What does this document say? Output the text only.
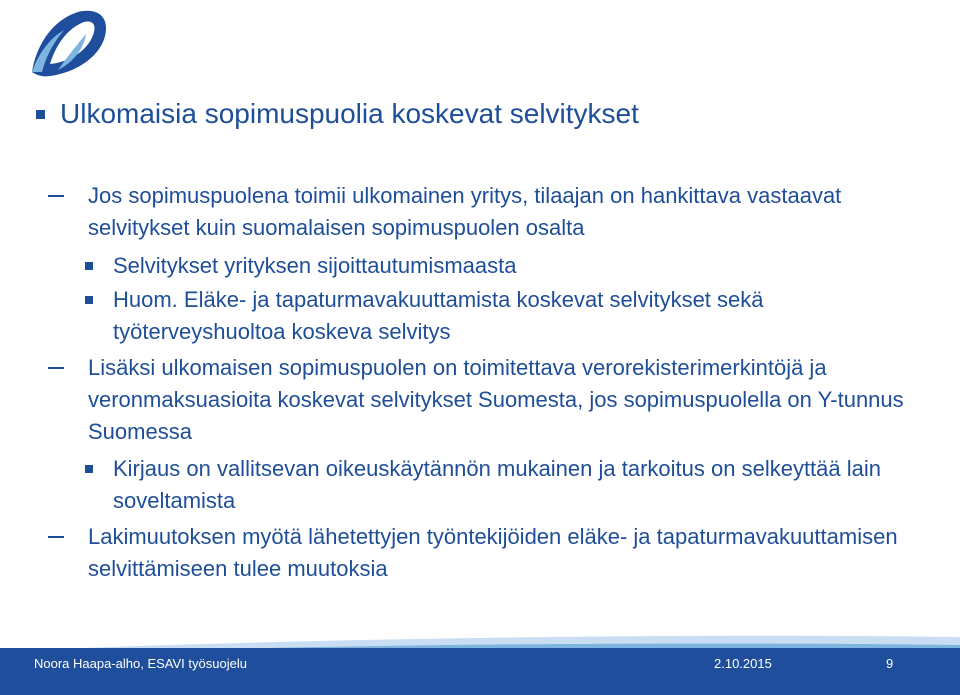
Ulkomaisia sopimuspuolia koskevat selvitykset
Jos sopimuspuolena toimii ulkomainen yritys, tilaajan on hankittava vastaavat selvitykset kuin suomalaisen sopimuspuolen osalta
Selvitykset yrityksen sijoittautumismaasta
Huom. Eläke- ja tapaturmavakuuttamista koskevat selvitykset sekä työterveyshuoltoa koskeva selvitys
Lisäksi ulkomaisen sopimuspuolen on toimitettava verorekisterimerkintöjä ja veronmaksuasioita koskevat selvitykset Suomesta, jos sopimuspuolella on Y-tunnus Suomessa
Kirjaus on vallitsevan oikeuskäytännön mukainen ja tarkoitus on selkeyttää lain soveltamista
Lakimuutoksen myötä lähetettyjen työntekijöiden eläke- ja tapaturmavakuuttamisen selvittämiseen tulee muutoksia
Noora Haapa-alho, ESAVI työsuojelu	2.10.2015	9
